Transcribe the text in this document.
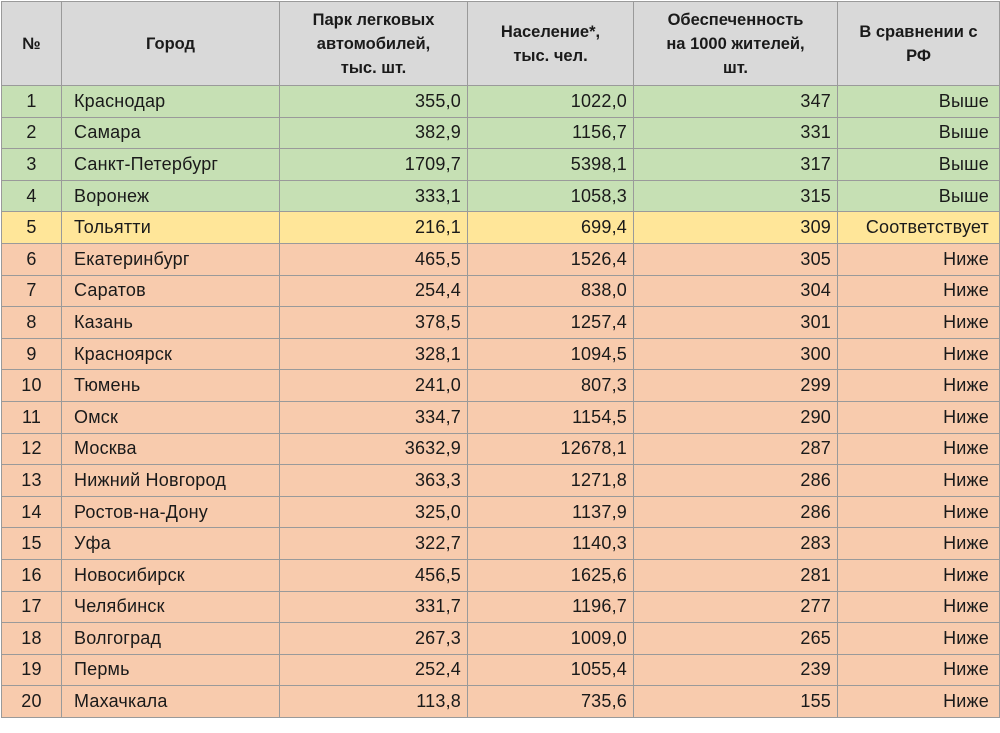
№	Город	Парк легковых
автомобилей,
тыс. шт.	Население*,
тыс. чел.	Обеспеченность
на 1000 жителей,
шт.	В сравнении с
РФ

1	Краснодар	355,0	1022,0	347	Выше
2	Самара	382,9	1156,7	331	Выше
3	Санкт-Петербург	1709,7	5398,1	317	Выше
4	Воронеж	333,1	1058,3	315	Выше
5	Тольятти	216,1	699,4	309	Соответствует
6	Екатеринбург	465,5	1526,4	305	Ниже
7	Саратов	254,4	838,0	304	Ниже
8	Казань	378,5	1257,4	301	Ниже
9	Красноярск	328,1	1094,5	300	Ниже
10	Тюмень	241,0	807,3	299	Ниже
11	Омск	334,7	1154,5	290	Ниже
12	Москва	3632,9	12678,1	287	Ниже
13	Нижний Новгород	363,3	1271,8	286	Ниже
14	Ростов-на-Дону	325,0	1137,9	286	Ниже
15	Уфа	322,7	1140,3	283	Ниже
16	Новосибирск	456,5	1625,6	281	Ниже
17	Челябинск	331,7	1196,7	277	Ниже
18	Волгоград	267,3	1009,0	265	Ниже
19	Пермь	252,4	1055,4	239	Ниже
20	Махачкала	113,8	735,6	155	Ниже
